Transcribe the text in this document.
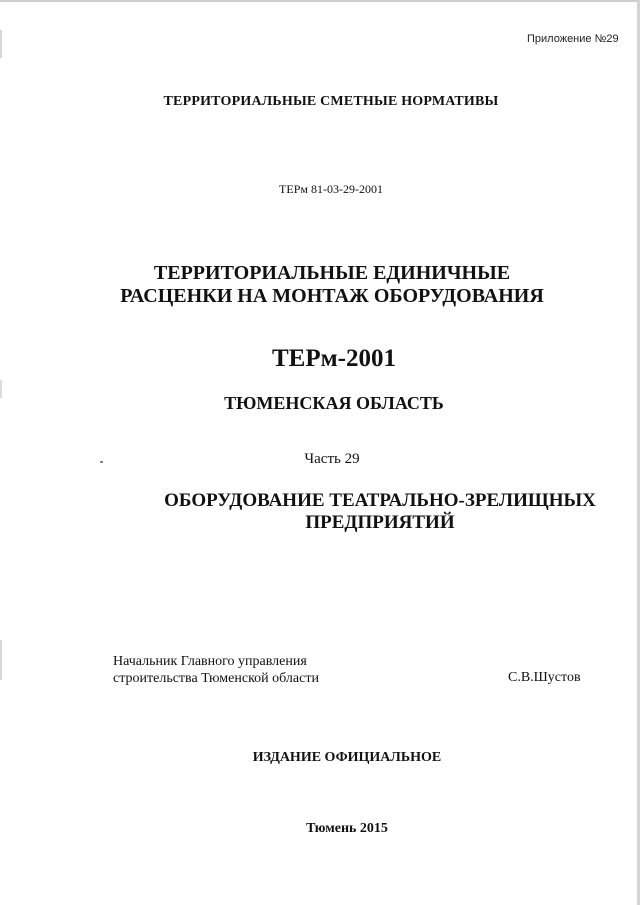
Приложение №29
ТЕРРИТОРИАЛЬНЫЕ СМЕТНЫЕ НОРМАТИВЫ
ТЕРм 81-03-29-2001
ТЕРРИТОРИАЛЬНЫЕ ЕДИНИЧНЫЕ
РАСЦЕНКИ НА МОНТАЖ ОБОРУДОВАНИЯ
ТЕРм-2001
ТЮМЕНСКАЯ ОБЛАСТЬ
Часть 29
ОБОРУДОВАНИЕ ТЕАТРАЛЬНО-ЗРЕЛИЩНЫХ
ПРЕДПРИЯТИЙ
Начальник Главного управления
строительства Тюменской области	С.В.Шустов
ИЗДАНИЕ ОФИЦИАЛЬНОЕ
Тюмень 2015
